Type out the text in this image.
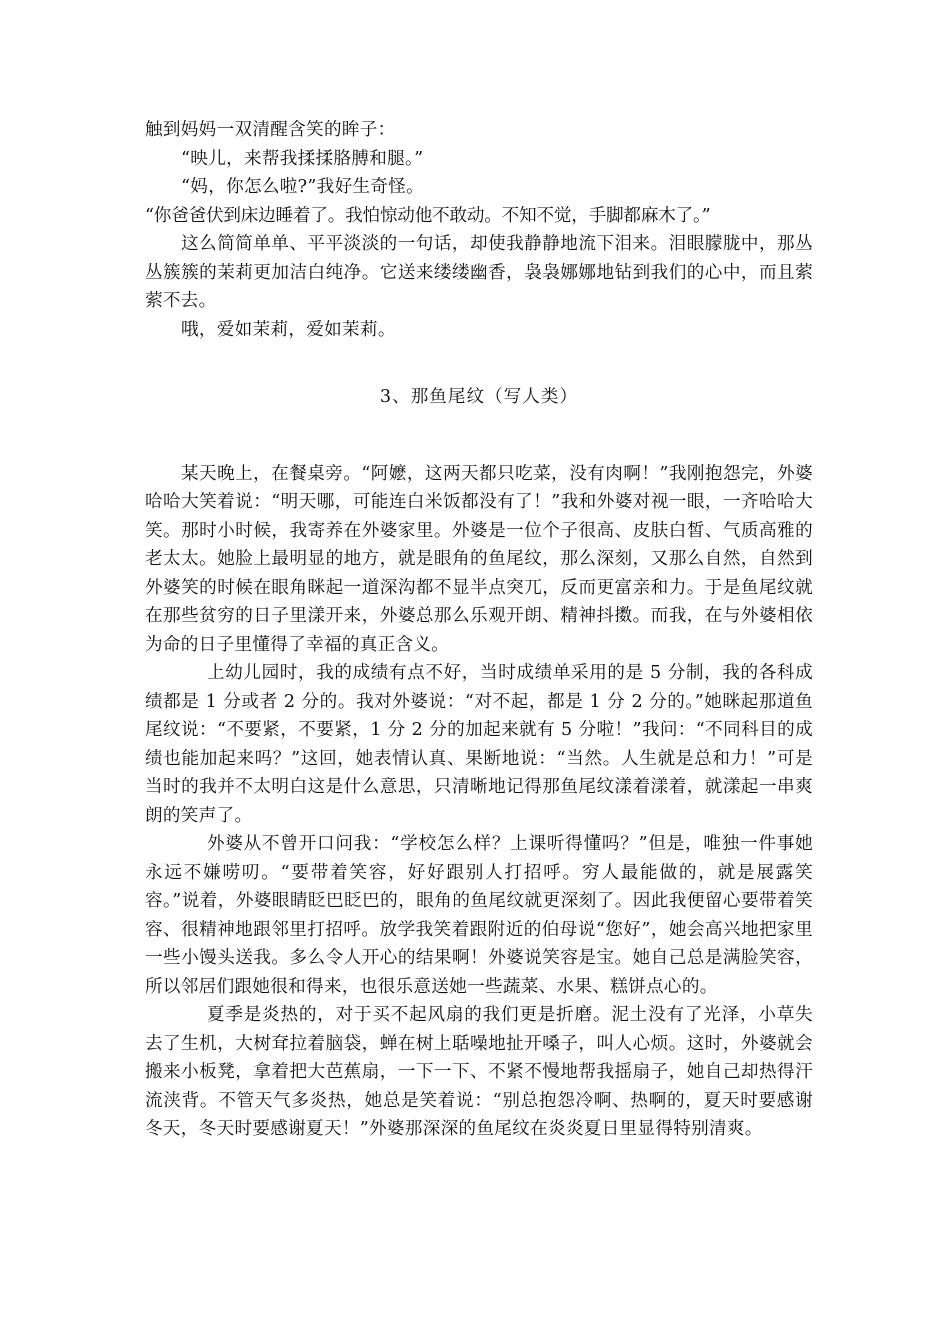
触到妈妈一双清醒含笑的眸子：

“映儿，来帮我揉揉胳膊和腿。”

“妈，你怎么啦?”我好生奇怪。

“你爸爸伏到床边睡着了。我怕惊动他不敢动。不知不觉，手脚都麻木了。”

这么简简单单、平平淡淡的一句话，却使我静静地流下泪来。泪眼朦胧中，那丛丛簇簇的茉莉更加洁白纯净。它送来缕缕幽香，袅袅娜娜地钻到我们的心中，而且萦萦不去。

哦，爱如茉莉，爱如茉莉。

3、那鱼尾纹（写人类）

某天晚上，在餐桌旁。“阿嬷，这两天都只吃菜，没有肉啊！”我刚抱怨完，外婆哈哈大笑着说：“明天哪，可能连白米饭都没有了！”我和外婆对视一眼，一齐哈哈大笑。那时小时候，我寄养在外婆家里。外婆是一位个子很高、皮肤白皙、气质高雅的老太太。她脸上最明显的地方，就是眼角的鱼尾纹，那么深刻，又那么自然，自然到外婆笑的时候在眼角眯起一道深沟都不显半点突兀，反而更富亲和力。于是鱼尾纹就在那些贫穷的日子里漾开来，外婆总那么乐观开朗、精神抖擞。而我，在与外婆相依为命的日子里懂得了幸福的真正含义。

上幼儿园时，我的成绩有点不好，当时成绩单采用的是 5 分制，我的各科成绩都是 1 分或者 2 分的。我对外婆说：“对不起，都是 1 分 2 分的。”她眯起那道鱼尾纹说：“不要紧，不要紧，1 分 2 分的加起来就有 5 分啦！”我问：“不同科目的成绩也能加起来吗？”这回，她表情认真、果断地说：“当然。人生就是总和力！”可是当时的我并不太明白这是什么意思，只清晰地记得那鱼尾纹漾着漾着，就漾起一串爽朗的笑声了。

外婆从不曾开口问我：“学校怎么样？上课听得懂吗？”但是，唯独一件事她永远不嫌唠叨。“要带着笑容，好好跟别人打招呼。穷人最能做的，就是展露笑容。”说着，外婆眼睛眨巴眨巴的，眼角的鱼尾纹就更深刻了。因此我便留心要带着笑容、很精神地跟邻里打招呼。放学我笑着跟附近的伯母说“您好”，她会高兴地把家里一些小馒头送我。多么令人开心的结果啊！外婆说笑容是宝。她自己总是满脸笑容，所以邻居们跟她很和得来，也很乐意送她一些蔬菜、水果、糕饼点心的。

夏季是炎热的，对于买不起风扇的我们更是折磨。泥土没有了光泽，小草失去了生机，大树耷拉着脑袋，蝉在树上聒噪地扯开嗓子，叫人心烦。这时，外婆就会搬来小板凳，拿着把大芭蕉扇，一下一下、不紧不慢地帮我摇扇子，她自己却热得汗流浃背。不管天气多炎热，她总是笑着说：“别总抱怨冷啊、热啊的，夏天时要感谢冬天，冬天时要感谢夏天！”外婆那深深的鱼尾纹在炎炎夏日里显得特别清爽。
